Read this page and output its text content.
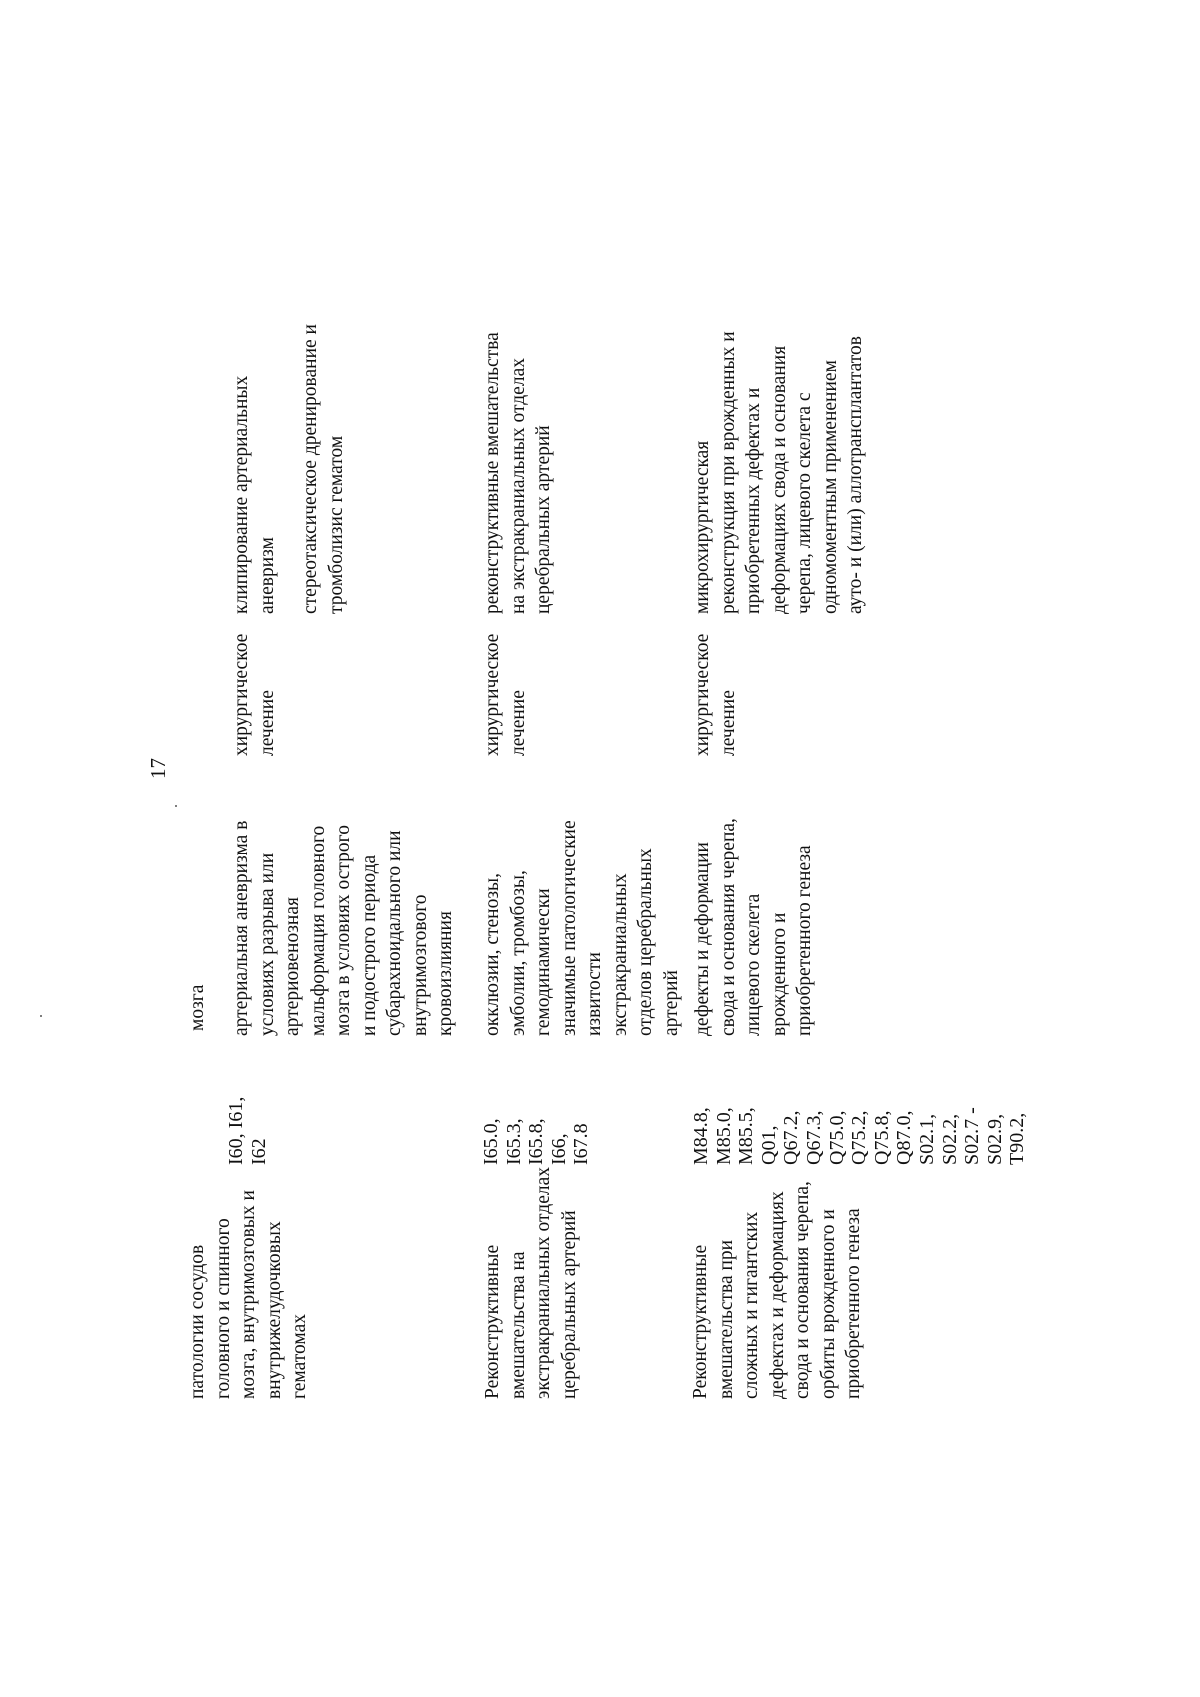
17
патологии сосудов
головного и спинного
мозга, внутримозговых и
внутрижелудочковых
гематомах
мозга
I60, I61,
I62
артериальная аневризма в
условиях разрыва или
артериовенозная
мальформация головного
мозга в условиях острого
и подострого периода
субарахноидального или
внутримозгового
кровоизлияния
хирургическое
лечение
клипирование артериальных
аневризм стереотаксическое дренирование и
тромболизис гематом
Реконструктивные
вмешательства на
экстракраниальных отделах
церебральных артерий
I65.0,
I65.3,
I65.8,
I66,
I67.8
окклюзии, стенозы,
эмболии, тромбозы,
гемодинамически
значимые патологические
извитости
экстракраниальных
отделов церебральных
артерий
хирургическое
лечение
реконструктивные вмешательства
на экстракраниальных отделах
церебральных артерий
Реконструктивные
вмешательства при
сложных и гигантских
дефектах и деформациях
свода и основания черепа,
орбиты врожденного и
приобретенного генеза
M84.8,
M85.0,
M85.5,
Q01,
Q67.2,
Q67.3,
Q75.0,
Q75.2,
Q75.8,
Q87.0,
S02.1,
S02.2,
S02.7 -
S02.9,
T90.2,
дефекты и деформации
свода и основания черепа,
лицевого скелета
врожденного и
приобретенного генеза
хирургическое
лечение
микрохирургическая
реконструкция при врожденных и
приобретенных дефектах и
деформациях свода и основания
черепа, лицевого скелета с
одномоментным применением
ауто- и (или) аллотрансплантатов
